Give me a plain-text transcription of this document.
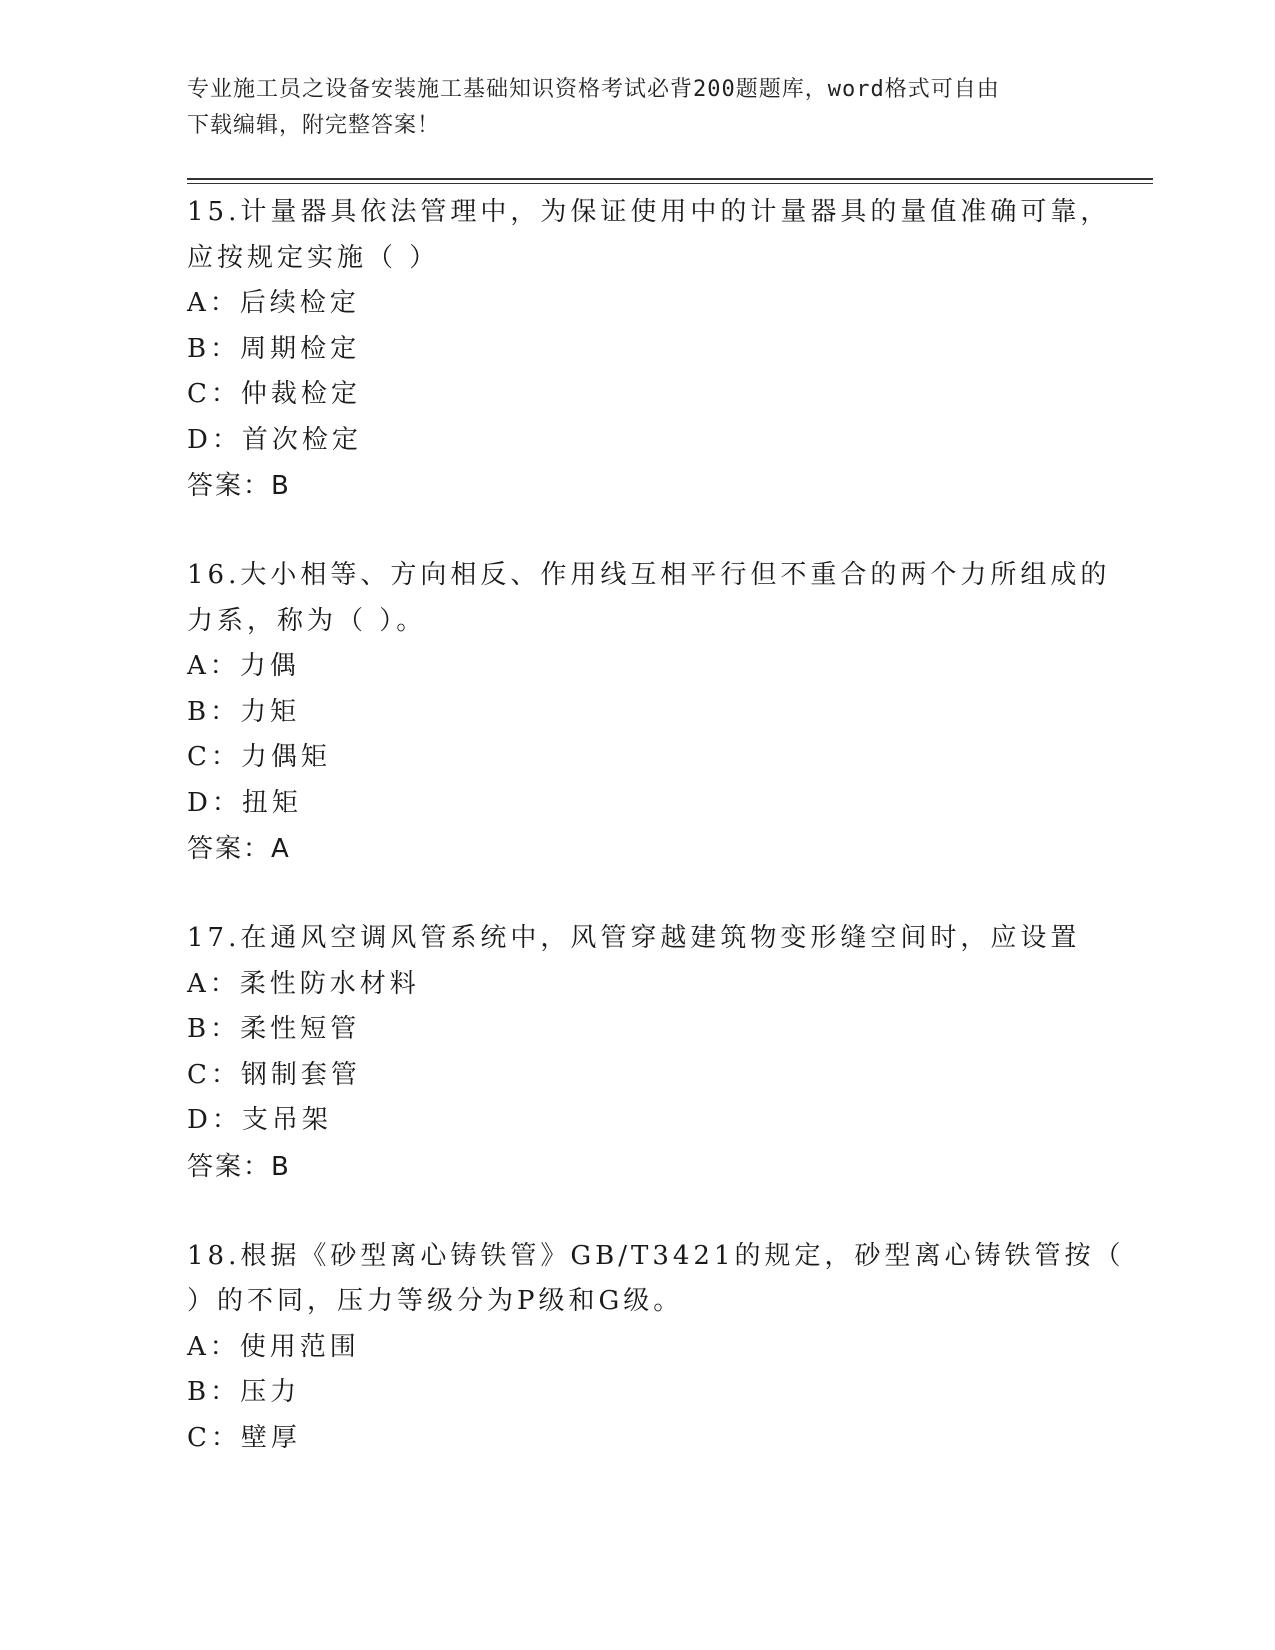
专业施工员之设备安装施工基础知识资格考试必背200题题库，word格式可自由
下载编辑，附完整答案！
15.计量器具依法管理中，为保证使用中的计量器具的量值准确可靠，
应按规定实施（ ）
A：后续检定
B：周期检定
C：仲裁检定
D：首次检定
答案：B
16.大小相等、方向相反、作用线互相平行但不重合的两个力所组成的
力系，称为（ ）。
A：力偶
B：力矩
C：力偶矩
D：扭矩
答案：A
17.在通风空调风管系统中，风管穿越建筑物变形缝空间时，应设置
A：柔性防水材料
B：柔性短管
C：钢制套管
D：支吊架
答案：B
18.根据《砂型离心铸铁管》GB/T3421的规定，砂型离心铸铁管按（
）的不同，压力等级分为P级和G级。
A：使用范围
B：压力
C：壁厚
